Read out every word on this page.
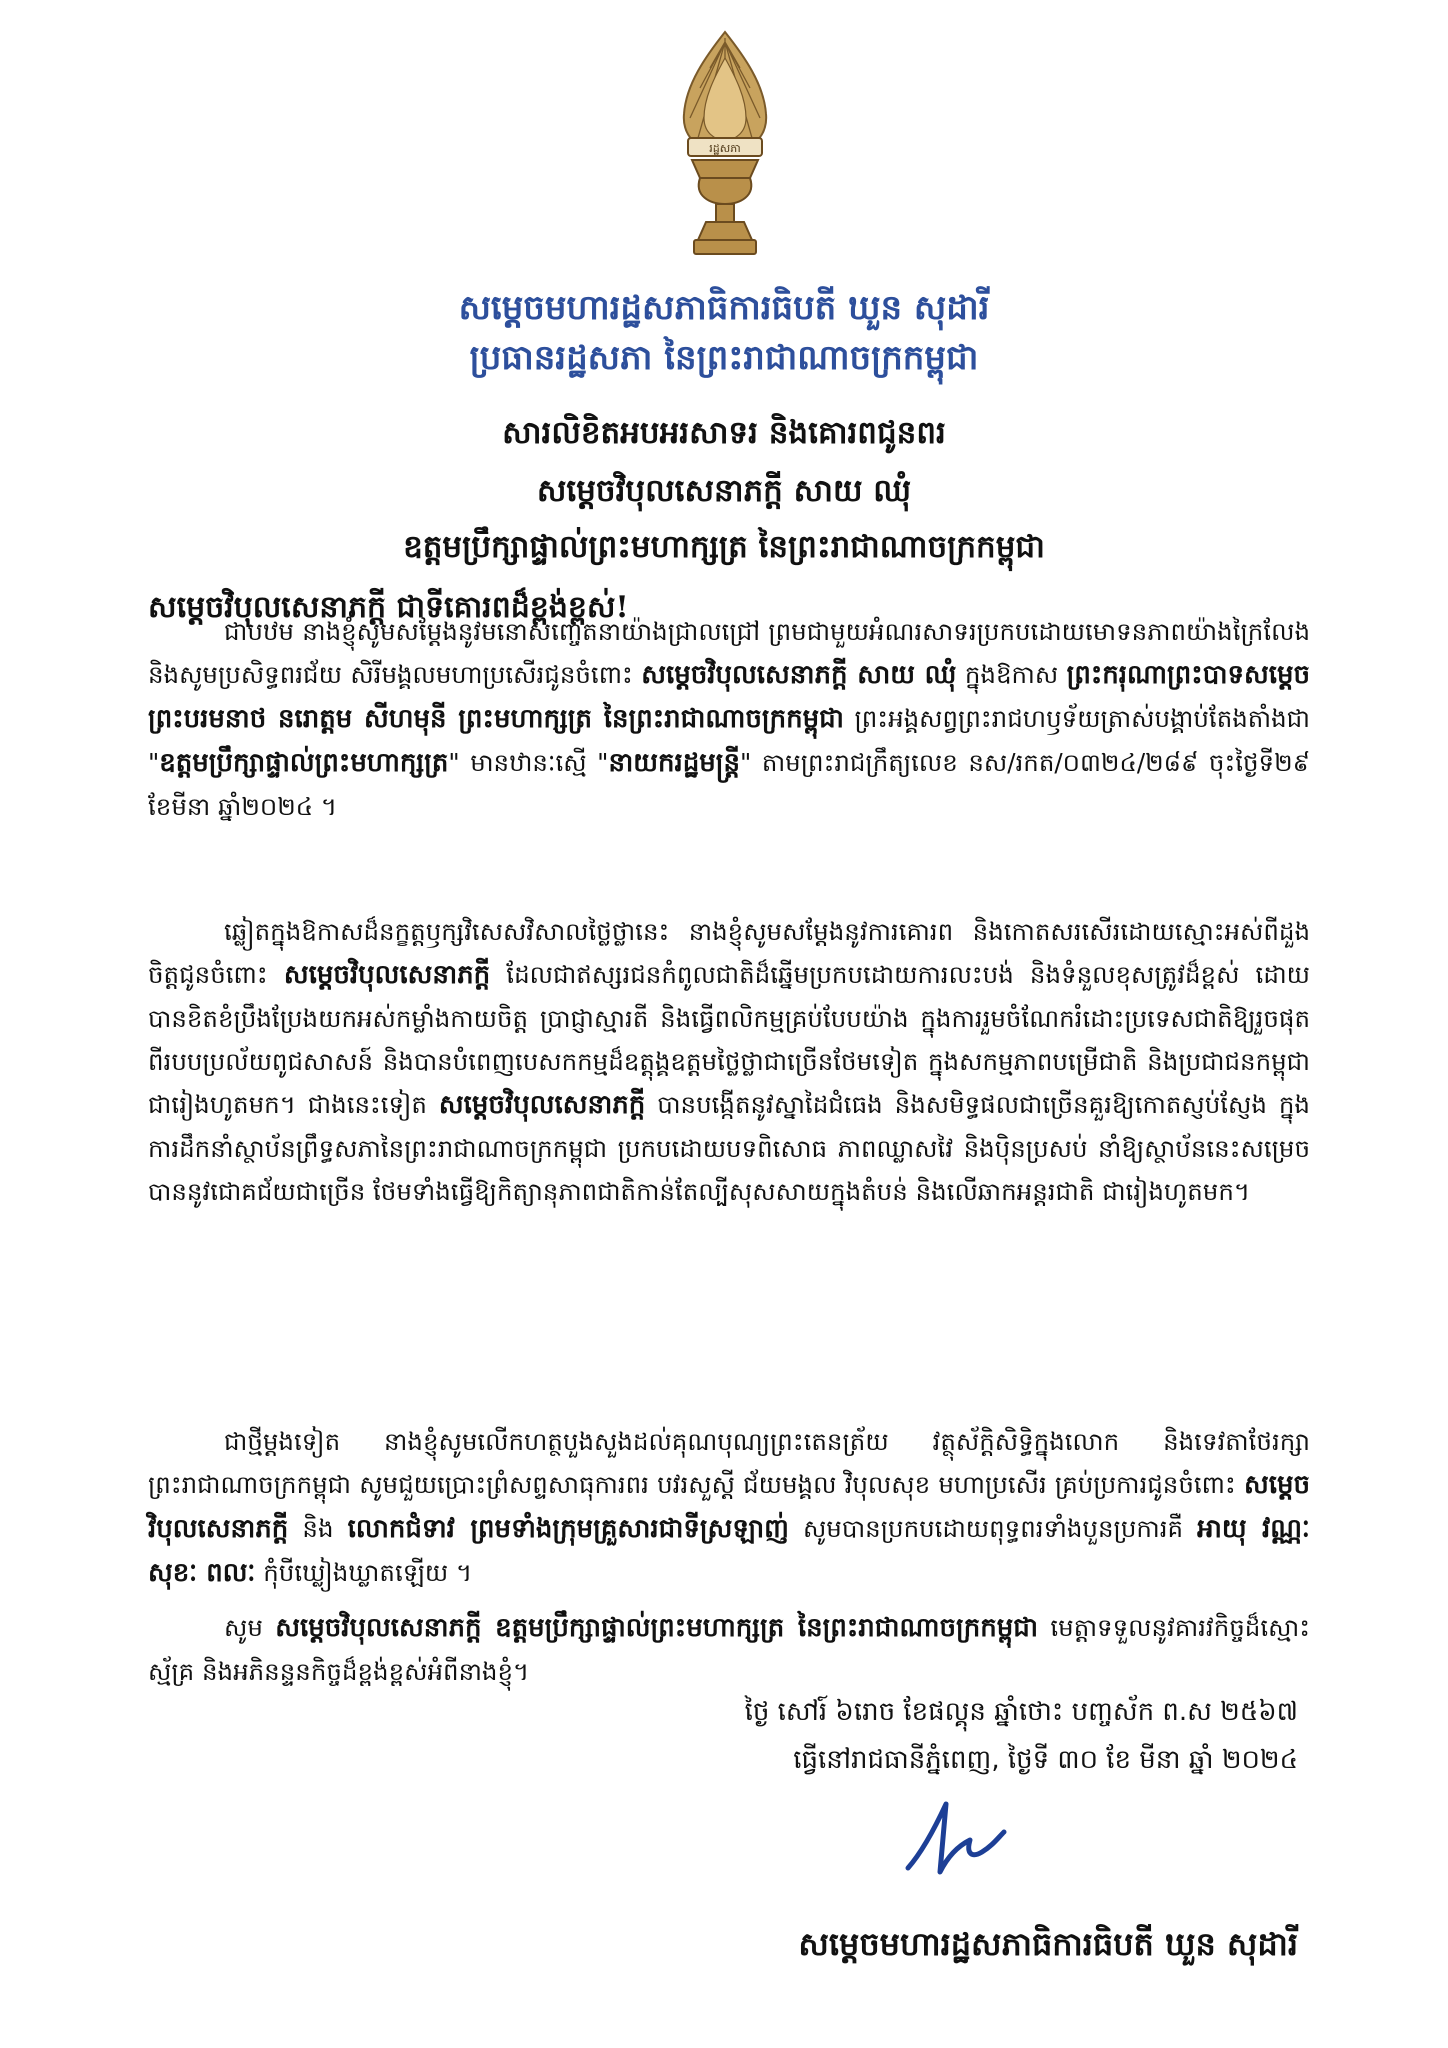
រដ្ឋសភា
សម្ដេចមហារដ្ឋសភាធិការធិបតី ឃួន សុដារី
ប្រធានរដ្ឋសភា នៃព្រះរាជាណាចក្រកម្ពុជា
សារលិខិតអបអរសាទរ និងគោរពជូនពរ
សម្ដេចវិបុលសេនាភក្ដី សាយ ឈុំ
ឧត្តមប្រឹក្សាផ្ទាល់ព្រះមហាក្សត្រ នៃព្រះរាជាណាចក្រកម្ពុជា
សម្ដេចវិបុលសេនាភក្ដី ជាទីគោរពដ៏ខ្ពង់ខ្ពស់!

ជាបឋម នាងខ្ញុំសូមសម្ដែងនូវមនោសញ្ចេតនាយ៉ាងជ្រាលជ្រៅ ព្រមជាមួយអំណរសាទរប្រកបដោយមោទនភាពយ៉ាងក្រៃលែងនិងសូមប្រសិទ្ធពរជ័យ សិរីមង្គលមហាប្រសើរជូនចំពោះ សម្ដេចវិបុលសេនាភក្ដី សាយ ឈុំ ក្នុងឱកាស ព្រះករុណាព្រះបាទសម្ដេចព្រះបរមនាថ នរោត្តម សីហមុនី ព្រះមហាក្សត្រ នៃព្រះរាជាណាចក្រកម្ពុជា ព្រះអង្គសព្វព្រះរាជហឫទ័យត្រាស់បង្គាប់តែងតាំងជា "ឧត្តមប្រឹក្សាផ្ទាល់ព្រះមហាក្សត្រ" មានឋានៈស្មើ "នាយករដ្ឋមន្ត្រី" តាមព្រះរាជក្រឹត្យលេខ នស/រកត/០៣២៤/២៨៩ ចុះថ្ងៃទី២៩ ខែមីនា ឆ្នាំ២០២៤ ។

ឆ្លៀតក្នុងឱកាសដ៏នក្ខត្តឫក្សវិសេសវិសាលថ្លៃថ្លានេះ នាងខ្ញុំសូមសម្ដែងនូវការគោរព និងកោតសរសើរដោយស្មោះអស់ពីដួងចិត្តជូនចំពោះ សម្ដេចវិបុលសេនាភក្ដី ដែលជាឥស្សរជនកំពូលជាតិដ៏ឆ្នើមប្រកបដោយការលះបង់ និងទំនួលខុសត្រូវដ៏ខ្ពស់ ដោយបានខិតខំប្រឹងប្រែងយកអស់កម្លាំងកាយចិត្ត ប្រាជ្ញាស្មារតី និងធ្វើពលិកម្មគ្រប់បែបយ៉ាង ក្នុងការរួមចំណែករំដោះប្រទេសជាតិឱ្យរួចផុតពីរបបប្រល័យពូជសាសន៍ និងបានបំពេញបេសកកម្មដ៏ឧត្ដុង្គឧត្ដមថ្លៃថ្លាជាច្រើនថែមទៀត ក្នុងសកម្មភាពបម្រើជាតិ និងប្រជាជនកម្ពុជា ជារៀងហូតមក។ ជាងនេះទៀត សម្ដេចវិបុលសេនាភក្ដី បានបង្កើតនូវស្នាដៃជំធេង និងសមិទ្ធផលជាច្រើនគួរឱ្យកោតស្ញប់ស្ញែង ក្នុងការដឹកនាំស្ថាប័នព្រឹទ្ធសភានៃព្រះរាជាណាចក្រកម្ពុជា ប្រកបដោយបទពិសោធ ភាពឈ្លាសវៃ និងប៉ិនប្រសប់ នាំឱ្យស្ថាប័ននេះសម្រេចបាននូវជោគជ័យជាច្រើន ថែមទាំងធ្វើឱ្យកិត្យានុភាពជាតិកាន់តែល្បីសុសសាយក្នុងតំបន់ និងលើឆាកអន្តរជាតិ ជារៀងហូតមក។

ជាថ្មីម្ដងទៀត នាងខ្ញុំសូមលើកហត្ថបួងសួងដល់គុណបុណ្យព្រះតេនត្រ័យ វត្ថុស័ក្ដិសិទ្ធិក្នុងលោក និងទេវតាថែរក្សាព្រះរាជាណាចក្រកម្ពុជា សូមជួយប្រោះព្រំសព្ទសាធុការពរ បវរសួស្ដី ជ័យមង្គល វិបុលសុខ មហាប្រសើរ គ្រប់ប្រការជូនចំពោះ សម្ដេចវិបុលសេនាភក្ដី និង លោកជំទាវ ព្រមទាំងក្រុមគ្រួសារជាទីស្រឡាញ់ សូមបានប្រកបដោយពុទ្ធពរទាំងបួនប្រការគឺ អាយុ វណ្ណៈ សុខៈ ពលៈ កុំបីឃ្លៀងឃ្លាតឡើយ ។

សូម សម្ដេចវិបុលសេនាភក្ដី ឧត្តមប្រឹក្សាផ្ទាល់ព្រះមហាក្សត្រ នៃព្រះរាជាណាចក្រកម្ពុជា មេត្តាទទួលនូវគារវកិច្ចដ៏ស្មោះស្ម័គ្រ និងអភិនន្ទនកិច្ចដ៏ខ្ពង់ខ្ពស់អំពីនាងខ្ញុំ។

ថ្ងៃ សៅរ៍ ៦រោច ខែផល្គុន ឆ្នាំថោះ បញ្ចស័ក ព.ស ២៥៦៧
ធ្វើនៅរាជធានីភ្នំពេញ, ថ្ងៃទី ៣០ ខែ មីនា ឆ្នាំ ២០២៤
សម្ដេចមហារដ្ឋសភាធិការធិបតី ឃួន សុដារី
